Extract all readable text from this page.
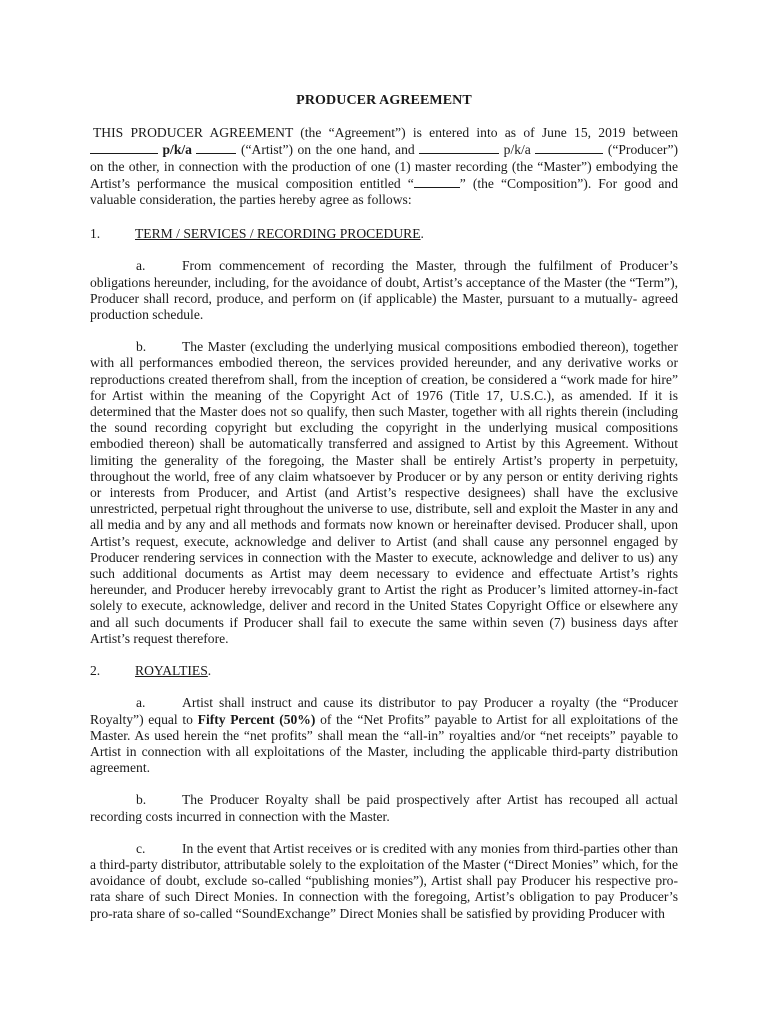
PRODUCER AGREEMENT

THIS PRODUCER AGREEMENT (the “Agreement”) is entered into as of June 15, 2019 between  p/k/a	(“Artist”) on the one hand, and	p/k/a	(“Producer”) on the other, in connection with the production of one (1) master recording (the “Master”) embodying the Artist’s performance the musical composition entitled “	” (the “Composition”). For good and valuable consideration, the parties hereby agree as follows:

1.	TERM / SERVICES / RECORDING PROCEDURE.

a.	From commencement of recording the Master, through the fulfilment of Producer’s obligations hereunder, including, for the avoidance of doubt, Artist’s acceptance of the Master (the “Term”), Producer shall record, produce, and perform on (if applicable) the Master, pursuant to a mutually- agreed production schedule.

b.	The Master (excluding the underlying musical compositions embodied thereon), together with all performances embodied thereon, the services provided hereunder, and any derivative works or reproductions created therefrom shall, from the inception of creation, be considered a “work made for hire” for Artist within the meaning of the Copyright Act of 1976 (Title 17, U.S.C.), as amended. If it is determined that the Master does not so qualify, then such Master, together with all rights therein (including the sound recording copyright but excluding the copyright in the underlying musical compositions embodied thereon) shall be automatically transferred and assigned to Artist by this Agreement. Without limiting the generality of the foregoing, the Master shall be entirely Artist’s property in perpetuity, throughout the world, free of any claim whatsoever by Producer or by any person or entity deriving rights or interests from Producer, and Artist (and Artist’s respective designees) shall have the exclusive unrestricted, perpetual right throughout the universe to use, distribute, sell and exploit the Master in any and all media and by any and all methods and formats now known or hereinafter devised. Producer shall, upon Artist’s request, execute, acknowledge and deliver to Artist (and shall cause any personnel engaged by Producer rendering services in connection with the Master to execute, acknowledge and deliver to us) any such additional documents as Artist may deem necessary to evidence and effectuate Artist’s rights hereunder, and Producer hereby irrevocably grant to Artist the right as Producer’s limited attorney-in-fact solely to execute, acknowledge, deliver and record in the United States Copyright Office or elsewhere any and all such documents if Producer shall fail to execute the same within seven (7) business days after Artist’s request therefore.

2.	ROYALTIES.

a.	Artist shall instruct and cause its distributor to pay Producer a royalty (the “Producer Royalty”) equal to Fifty Percent (50%) of the “Net Profits” payable to Artist for all exploitations of the Master. As used herein the “net profits” shall mean the “all-in” royalties and/or “net receipts” payable to Artist in connection with all exploitations of the Master, including the applicable third-party distribution agreement.

b.	The Producer Royalty shall be paid prospectively after Artist has recouped all actual recording costs incurred in connection with the Master.

c.	In the event that Artist receives or is credited with any monies from third-parties other than a third-party distributor, attributable solely to the exploitation of the Master (“Direct Monies” which, for the avoidance of doubt, exclude so-called “publishing monies”), Artist shall pay Producer his respective pro-rata share of such Direct Monies. In connection with the foregoing, Artist’s obligation to pay Producer’s pro-rata share of so-called “SoundExchange” Direct Monies shall be satisfied by providing Producer with
